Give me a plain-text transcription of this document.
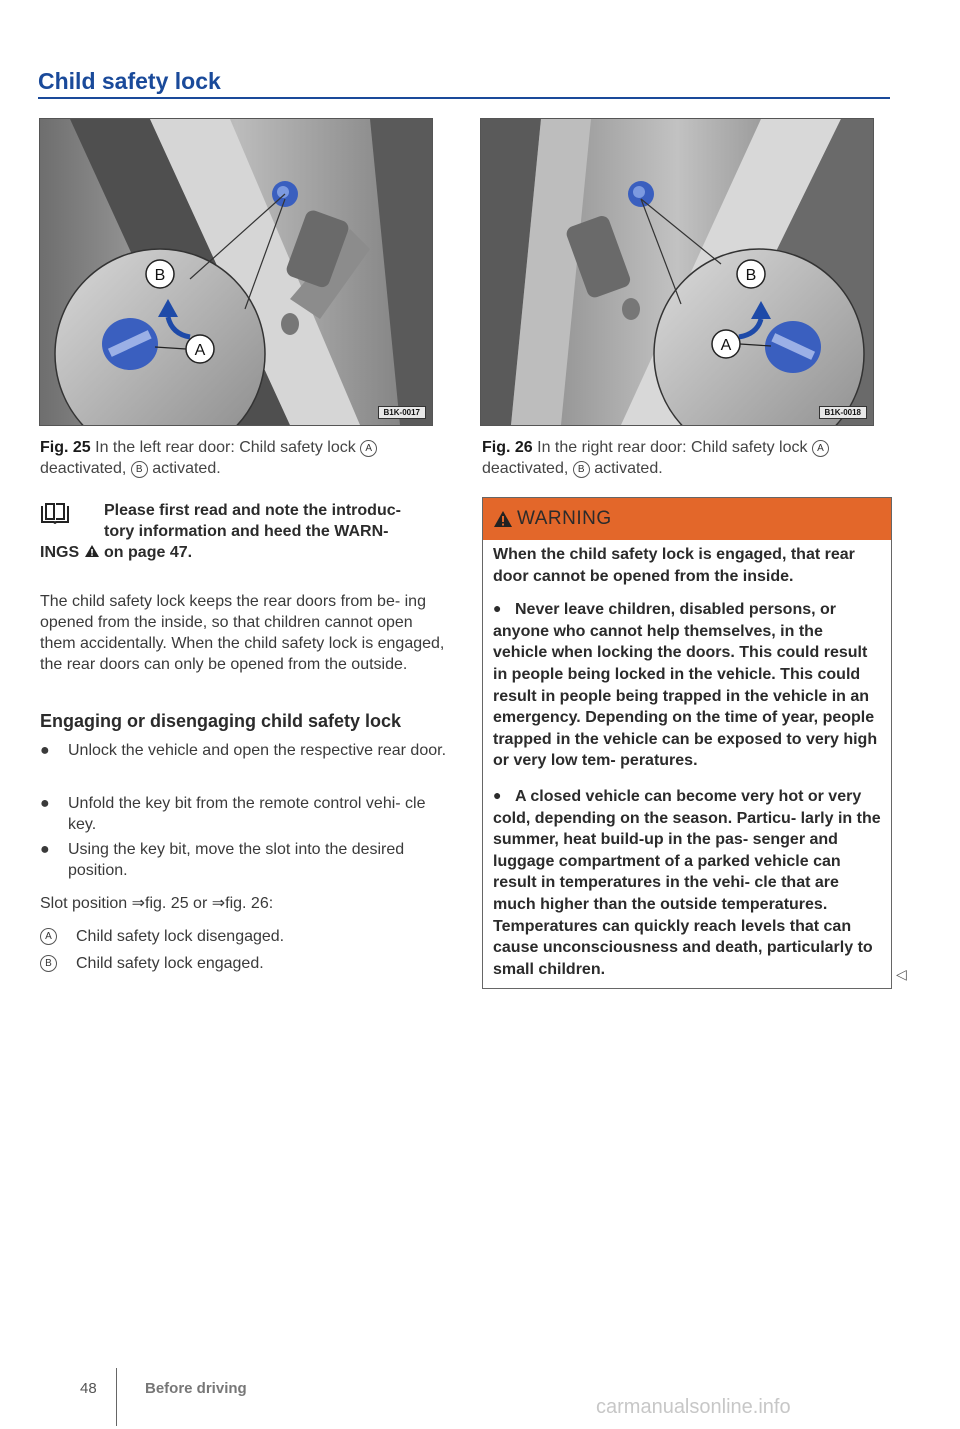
Child safety lock
B
A
B1K-0017
B
A
B1K-0018
Fig. 25 In the left rear door: Child safety lock A
deactivated, B activated.
Fig. 26 In the right rear door: Child safety lock A
deactivated, B activated.

Please first read and note the introduc-

tory information and heed the WARN-

INGS on page 47.

The child safety lock keeps the rear doors from be- ing opened from the inside, so that children cannot open them accidentally. When the child safety lock is engaged, the rear doors can only be opened from the outside.

Engaging or disengaging child safety lock
●	Unlock the vehicle and open the respective rear door.
●	Unfold the key bit from the remote control vehi- cle key.
●	Using the key bit, move the slot into the desired position.

Slot position ⇒fig. 25 or ⇒fig. 26:

A	Child safety lock disengaged.
B	Child safety lock engaged.
WARNING

When the child safety lock is engaged, that rear door cannot be opened from the inside.

● Never leave children, disabled persons, or anyone who cannot help themselves, in the vehicle when locking the doors. This could result in people being locked in the vehicle. This could result in people being trapped in the vehicle in an emergency. Depending on the time of year, people trapped in the vehicle can be exposed to very high or very low tem- peratures.

● A closed vehicle can become very hot or very cold, depending on the season. Particu- larly in the summer, heat build-up in the pas- senger and luggage compartment of a parked vehicle can result in temperatures in the vehi- cle that are much higher than the outside temperatures. Temperatures can quickly reach levels that can cause unconsciousness and death, particularly to small children.	◁
48	Before driving
carmanualsonline.info
